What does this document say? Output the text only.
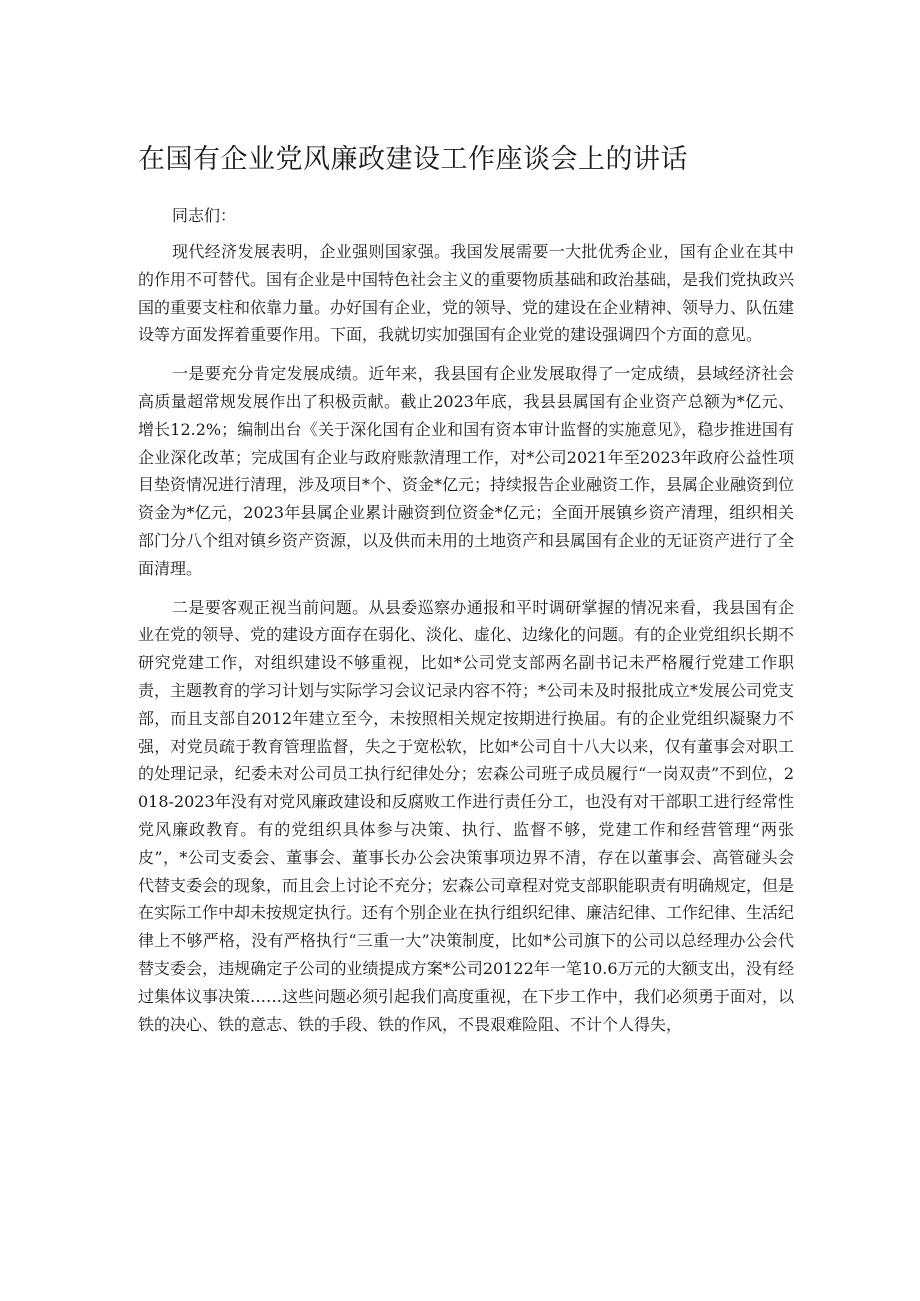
在国有企业党风廉政建设工作座谈会上的讲话

同志们：

现代经济发展表明，企业强则国家强。我国发展需要一大批优秀企业，国有企业在其中的作用不可替代。国有企业是中国特色社会主义的重要物质基础和政治基础，是我们党执政兴国的重要支柱和依靠力量。办好国有企业，党的领导、党的建设在企业精神、领导力、队伍建设等方面发挥着重要作用。下面，我就切实加强国有企业党的建设强调四个方面的意见。

一是要充分肯定发展成绩。近年来，我县国有企业发展取得了一定成绩，县域经济社会高质量超常规发展作出了积极贡献。截止2023年底，我县县属国有企业资产总额为*亿元、增长12.2%；编制出台《关于深化国有企业和国有资本审计监督的实施意见》，稳步推进国有企业深化改革；完成国有企业与政府账款清理工作，对*公司2021年至2023年政府公益性项目垫资情况进行清理，涉及项目*个、资金*亿元；持续报告企业融资工作，县属企业融资到位资金为*亿元，2023年县属企业累计融资到位资金*亿元；全面开展镇乡资产清理，组织相关部门分八个组对镇乡资产资源，以及供而未用的土地资产和县属国有企业的无证资产进行了全面清理。

二是要客观正视当前问题。从县委巡察办通报和平时调研掌握的情况来看，我县国有企业在党的领导、党的建设方面存在弱化、淡化、虚化、边缘化的问题。有的企业党组织长期不研究党建工作，对组织建设不够重视，比如*公司党支部两名副书记未严格履行党建工作职责，主题教育的学习计划与实际学习会议记录内容不符；*公司未及时报批成立*发展公司党支部，而且支部自2012年建立至今，未按照相关规定按期进行换届。有的企业党组织凝聚力不强，对党员疏于教育管理监督，失之于宽松软，比如*公司自十八大以来，仅有董事会对职工的处理记录，纪委未对公司员工执行纪律处分；宏森公司班子成员履行“一岗双责”不到位，2018-2023年没有对党风廉政建设和反腐败工作进行责任分工，也没有对干部职工进行经常性党风廉政教育。有的党组织具体参与决策、执行、监督不够，党建工作和经营管理“两张皮”，*公司支委会、董事会、董事长办公会决策事项边界不清，存在以董事会、高管碰头会代替支委会的现象，而且会上讨论不充分；宏森公司章程对党支部职能职责有明确规定，但是在实际工作中却未按规定执行。还有个别企业在执行组织纪律、廉洁纪律、工作纪律、生活纪律上不够严格，没有严格执行“三重一大”决策制度，比如*公司旗下的公司以总经理办公会代替支委会，违规确定子公司的业绩提成方案*公司20122年一笔10.6万元的大额支出，没有经过集体议事决策……这些问题必须引起我们高度重视，在下步工作中，我们必须勇于面对，以铁的决心、铁的意志、铁的手段、铁的作风，不畏艰难险阻、不计个人得失，
